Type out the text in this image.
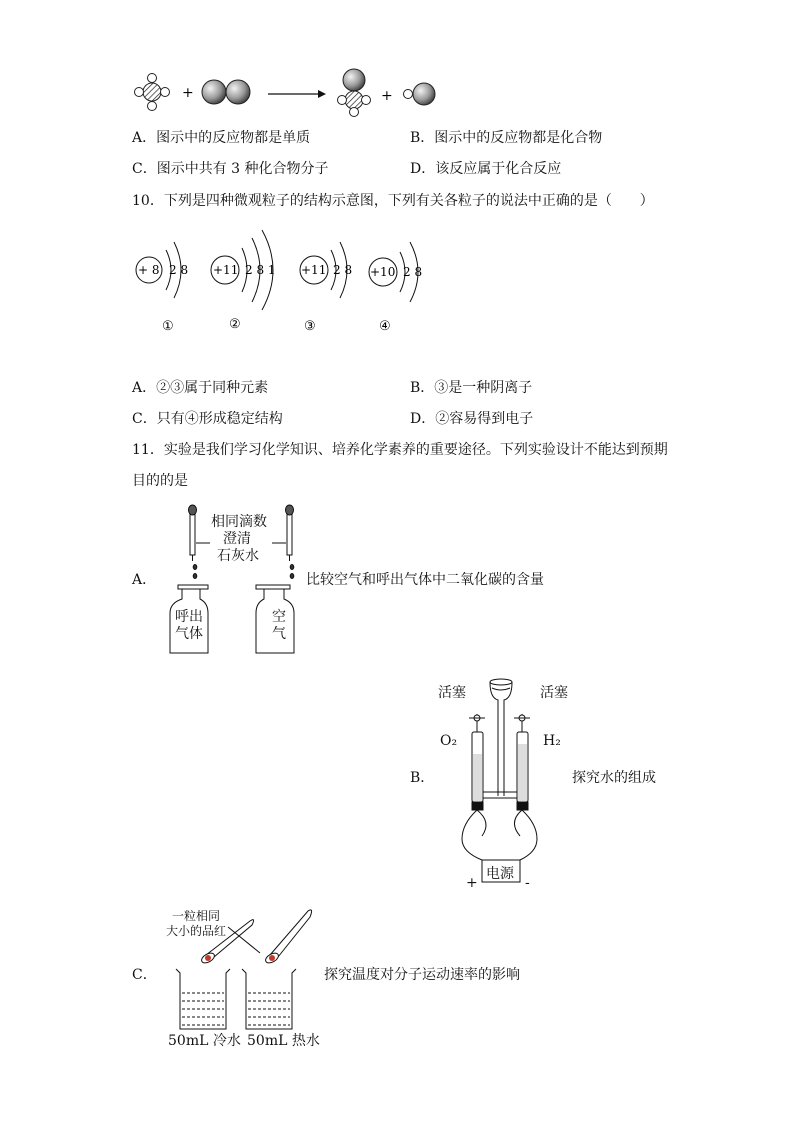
+	+
A．图示中的反应物都是单质	B．图示中的反应物都是化合物
C．图示中共有 3 种化合物分子	D．该反应属于化合反应
10．下列是四种微观粒子的结构示意图，下列有关各粒子的说法中正确的是（　　）
+ 8 2 8
①
+11 2 8 1
②
+11 2 8
③
+10 2 8
④
A．②③属于同种元素	B．③是一种阴离子
C．只有④形成稳定结构	D．②容易得到电子
11．实验是我们学习化学知识、培养化学素养的重要途径。下列实验设计不能达到预期
目的的是
A．
相同滴数
澄清
石灰水
呼出
气体
空
气
比较空气和呼出气体中二氧化碳的含量
B．
活塞	活塞
O₂	H₂
电源
+	-
探究水的组成
C．
一粒相同
大小的品红
50mL 冷水 50mL 热水
探究温度对分子运动速率的影响
